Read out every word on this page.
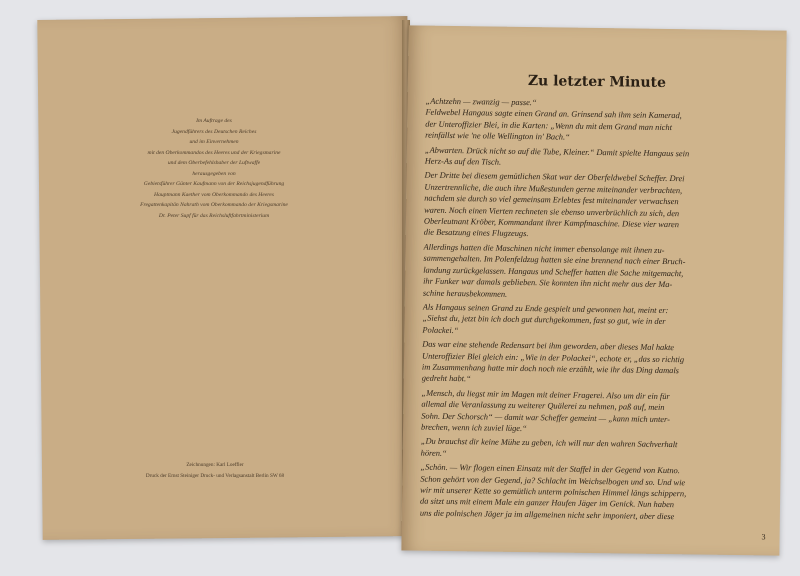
Im Auftrage des
Jugendführers des Deutschen Reiches
und im Einvernehmen
mit den Oberkommandos des Heeres und der Kriegsmarine
und dem Oberbefehlshaber der Luftwaffe
herausgegeben von
Gebietsführer Günter Kaufmann von der Reichsjugendführung
Hauptmann Kaether vom Oberkommando des Heeres
Fregattenkapitän Nahrath vom Oberkommando der Kriegsmarine
Dr. Peter Supf für das Reichsluftfahrtministerium
Zeichnungen: Karl Loeffler
Druck der Ernst Steiniger Druck- und Verlagsanstalt Berlin SW 68
Zu letzter Minute
„Achtzehn — zwanzig — passe.“
Feldwebel Hangaus sagte einen Grand an. Grinsend sah ihm sein Kamerad,
der Unteroffizier Blei, in die Karten: „Wenn du mit dem Grand man nicht
reinfällst wie 'ne olle Wellington in' Bach.“
„Abwarten. Drück nicht so auf die Tube, Kleiner.“ Damit spielte Hangaus sein
Herz-As auf den Tisch.
Der Dritte bei diesem gemütlichen Skat war der Oberfeldwebel Scheffer. Drei
Unzertrennliche, die auch ihre Mußestunden gerne miteinander verbrachten,
nachdem sie durch so viel gemeinsam Erlebtes fest miteinander verwachsen
waren. Noch einen Vierten rechneten sie ebenso unverbrüchlich zu sich, den
Oberleutnant Kröber, Kommandant ihrer Kampfmaschine. Diese vier waren
die Besatzung eines Flugzeugs.
Allerdings hatten die Maschinen nicht immer ebensolange mit ihnen zu-
sammengehalten. Im Polenfeldzug hatten sie eine brennend nach einer Bruch-
landung zurückgelassen. Hangaus und Scheffer hatten die Sache mitgemacht,
ihr Funker war damals geblieben. Sie konnten ihn nicht mehr aus der Ma-
schine herausbekommen.
Als Hangaus seinen Grand zu Ende gespielt und gewonnen hat, meint er:
„Siehst du, jetzt bin ich doch gut durchgekommen, fast so gut, wie in der
Polackei.“
Das war eine stehende Redensart bei ihm geworden, aber dieses Mal hakte
Unteroffizier Blei gleich ein: „Wie in der Polackei“, echote er, „das so richtig
im Zusammenhang hatte mir doch noch nie erzählt, wie ihr das Ding damals
gedreht habt.“
„Mensch, du liegst mir im Magen mit deiner Fragerei. Also um dir ein für
allemal die Veranlassung zu weiterer Quälerei zu nehmen, paß auf, mein
Sohn. Der Schorsch“ — damit war Scheffer gemeint — „kann mich unter-
brechen, wenn ich zuviel lüge.“
„Du brauchst dir keine Mühe zu geben, ich will nur den wahren Sachverhalt
hören.“
„Schön. — Wir flogen einen Einsatz mit der Staffel in der Gegend von Kutno.
Schon gehört von der Gegend, ja? Schlacht im Weichselbogen und so. Und wie
wir mit unserer Kette so gemütlich unterm polnischen Himmel längs schippern,
da sitzt uns mit einem Male ein ganzer Haufen Jäger im Genick. Nun haben
uns die polnischen Jäger ja im allgemeinen nicht sehr imponiert, aber diese
3
